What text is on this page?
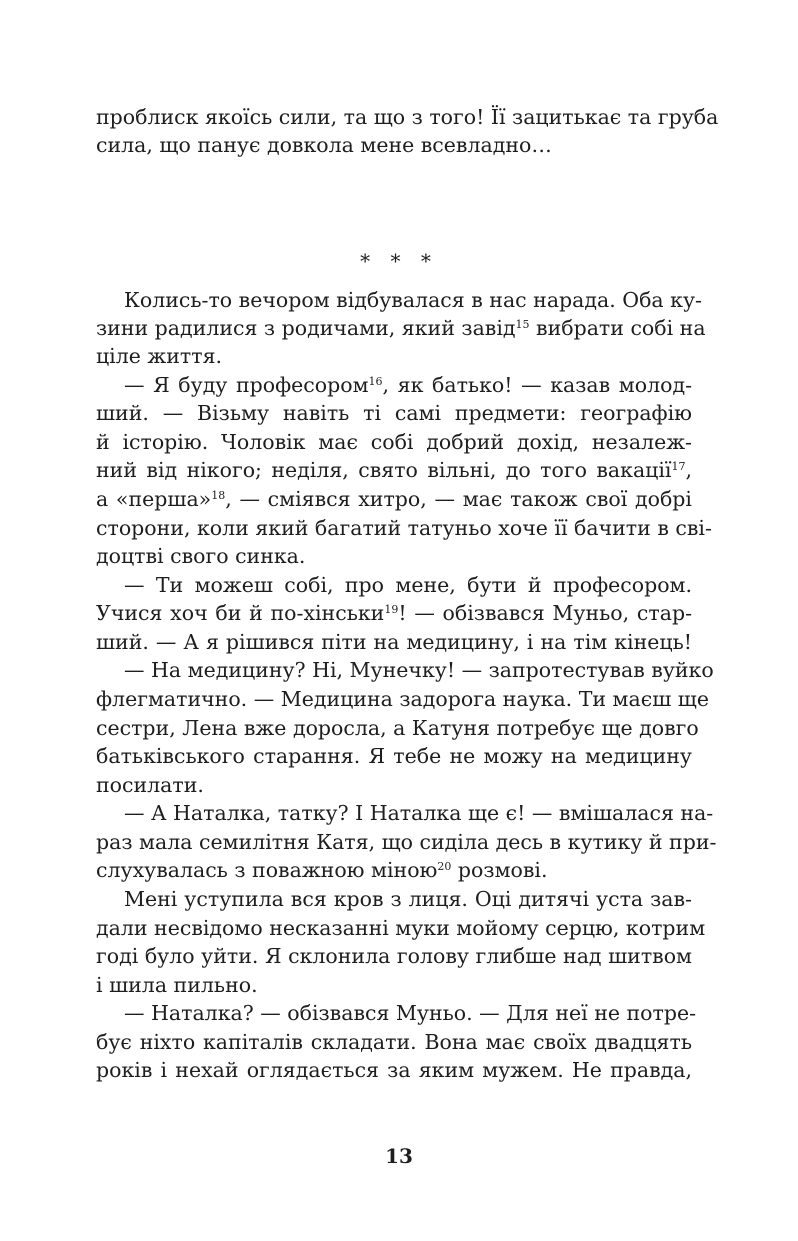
проблиск якоїсь сили, та що з того! Її зацитькає та груба
сила, що панує довкола мене всевладно…
* * *
Колись-то вечором відбувалася в нас нарада. Оба ку-
зини радилися з родичами, який завід$^{15}$ вибрати собі на
ціле життя.
— Я буду професором$^{16}$, як батько! — казав молод-
ший. — Візьму навіть ті самі предмети: географію
й історію. Чоловік має собі добрий дохід, незалеж-
ний від нікого; неділя, свято вільні, до того вакації$^{17}$,
а «перша»$^{18}$, — сміявся хитро, — має також свої добрі
сторони, коли який багатий татуньо хоче її бачити в сві-
доцтві свого синка.
— Ти можеш собі, про мене, бути й професором.
Учися хоч би й по-хінськи$^{19}$! — обізвався Муньо, стар-
ший. — А я рішився піти на медицину, і на тім кінець!
— На медицину? Ні, Мунечку! — запротестував вуйко
флегматично. — Медицина задорога наука. Ти маєш ще
сестри, Лена вже доросла, а Катуня потребує ще довго
батьківського старання. Я тебе не можу на медицину
посилати.
— А Наталка, татку? І Наталка ще є! — вмішалася на-
раз мала семилітня Катя, що сиділа десь в кутику й при-
слухувалась з поважною міною$^{20}$ розмові.
Мені уступила вся кров з лиця. Оці дитячі уста зав-
дали несвідомо несказанні муки мойому серцю, котрим
годі було уйти. Я склонила голову глибше над шитвом
і шила пильно.
— Наталка? — обізвався Муньо. — Для неї не потре-
бує ніхто капіталів складати. Вона має своїх двадцять
років і нехай оглядається за яким мужем. Не правда,
13
